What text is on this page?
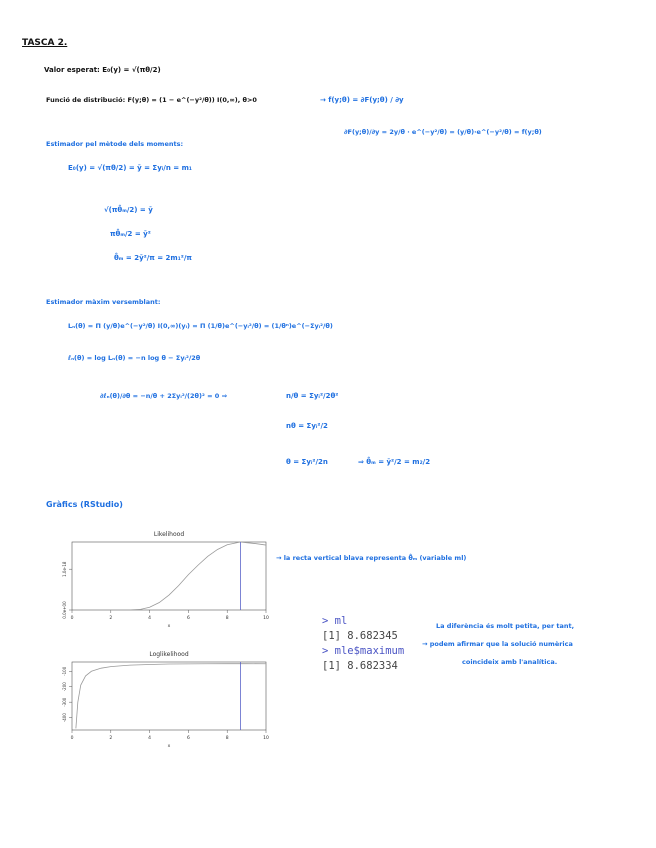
TASCA 2.
Valor esperat: E₀(y) = √(πθ/2)
Funció de distribució: F(y;θ) = (1 − e^(−y²/θ)) I(0,∞), θ>0	→ f(y;θ) = ∂F(y;θ) / ∂y
∂F(y;θ)/∂y = 2y/θ · e^(−y²/θ) = (y/θ)·e^(−y²/θ) = f(y;θ)
Estimador pel mètode dels moments:
E₀(y) = √(πθ/2) = ȳ = Σyᵢ/n = m₁
√(πθ̂ₘ/2) = ȳ
πθ̂ₘ/2 = ȳ²
θ̂ₘ = 2ȳ²/π = 2m₁²/π
Estimador màxim versemblant:
Lₙ(θ) = Π (y/θ)e^(−y²/θ) I(0,∞)(yᵢ) = Π (1/θ)e^(−yᵢ²/θ) = (1/θⁿ)e^(−Σyᵢ²/θ)
ℓₙ(θ) = log Lₙ(θ) = −n log θ − Σyᵢ²/2θ
∂ℓₙ(θ)/∂θ = −n/θ + 2Σyᵢ²/(2θ)² = 0 ⇒	n/θ = Σyᵢ²/2θ²
nθ = Σyᵢ²/2
θ = Σyᵢ²/2n	⇒ θ̂ₘ = ȳ²/2 = m₂/2
Gràfics (RStudio)
Likelihood
0	2	4	6	8	10
x
0.0e+00
1.0e-18
Loglikelihood
0	2	4	6	8	10
x
-400
-300
-200
-100
→ la recta vertical blava representa θ̂ₘ (variable ml)
> ml
[1] 8.682345
> mle$maximum
[1] 8.682334
La diferència és molt petita, per tant,
→ podem afirmar que la solució numèrica
coincideix amb l'analítica.
